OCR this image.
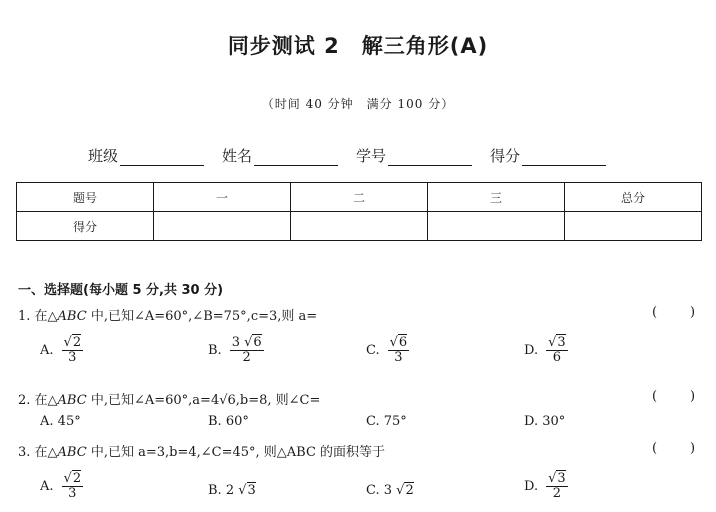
同步测试 2　解三角形(A)
（时间 40 分钟　满分 100 分）
班级	姓名	学号	得分
题号	一	二	三	总分
得分				
一、选择题(每小题 5 分,共 30 分)
1. 在△ABC 中,已知∠A=60°,∠B=75°,c=3,则 a=	(	)
A. $\frac{√2}{3}$	B. $\frac{3 √6}{2}$	C. $\frac{√6}{3}$	D. $\frac{√3}{6}$
2. 在△ABC 中,已知∠A=60°,a=4√6,b=8, 则∠C=	(	)
A.
45°	B.
60°	C.
75°	D.
30°
3. 在△ABC 中,已知 a=3,b=4,∠C=45°, 则△ABC 的面积等于	(	)
A. $\frac{√2}{3}$	B.
2 √ 3	C.
3 √ 2	D. $\frac{√3}{2}$
